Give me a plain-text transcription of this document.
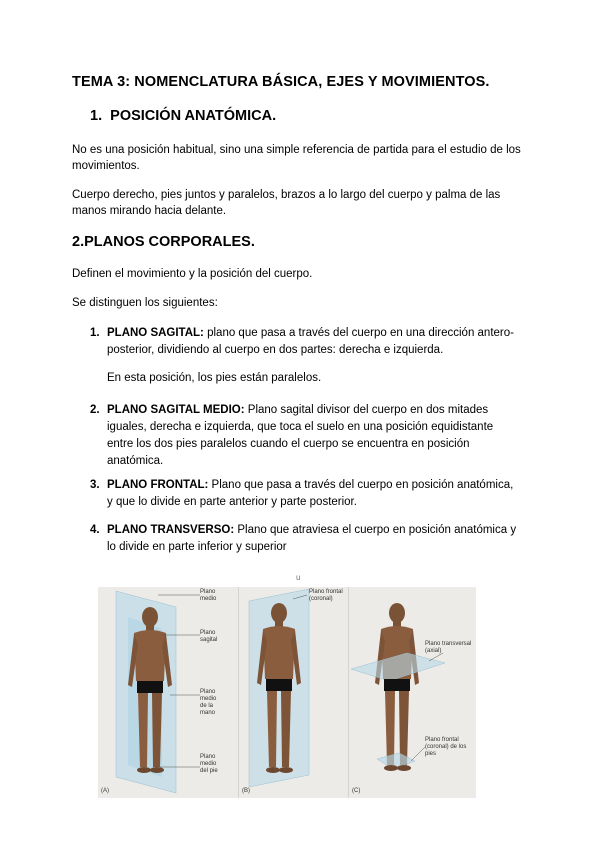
TEMA 3: NOMENCLATURA BÁSICA, EJES Y MOVIMIENTOS.
1. POSICIÓN ANATÓMICA.

No es una posición habitual, sino una simple referencia de partida para el estudio de los movimientos.

Cuerpo derecho, pies juntos y paralelos, brazos a lo largo del cuerpo y palma de las manos mirando hacia delante.

2.PLANOS CORPORALES.

Definen el movimiento y la posición del cuerpo.

Se distinguen los siguientes:

1. PLANO SAGITAL: plano que pasa a través del cuerpo en una dirección antero-posterior, dividiendo al cuerpo en dos partes: derecha e izquierda.
En esta posición, los pies están paralelos.
2. PLANO SAGITAL MEDIO: Plano sagital divisor del cuerpo en dos mitades iguales, derecha e izquierda, que toca el suelo en una posición equidistante entre los dos pies paralelos cuando el cuerpo se encuentra en posición anatómica.
3. PLANO FRONTAL: Plano que pasa a través del cuerpo en posición anatómica, y que lo divide en parte anterior y parte posterior.
4. PLANO TRANSVERSO: Plano que atraviesa el cuerpo en posición anatómica y lo divide en parte inferior y superior
u
Plano medio
Plano sagital
Plano medio de la mano
Plano medio del pie
(A)
Plano frontal (coronal)
(B)
Plano transversal (axial)
Plano frontal (coronal) de los pies
(C)
